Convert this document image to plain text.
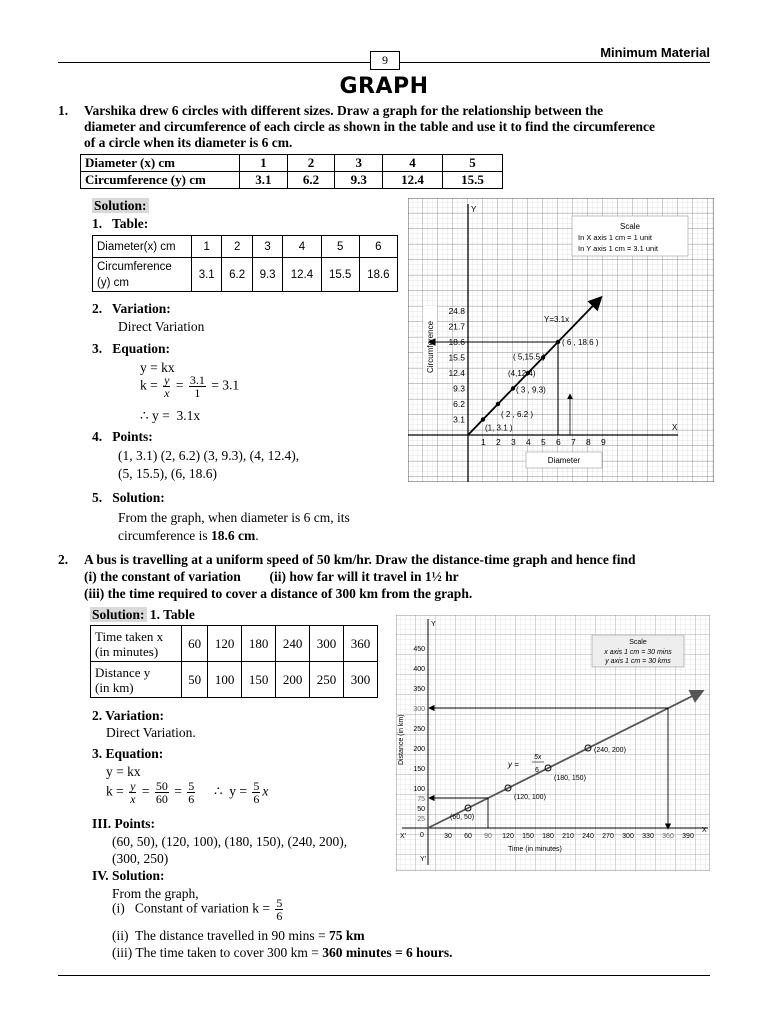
9	Minimum Material
GRAPH
1. Varshika drew 6 circles with different sizes. Draw a graph for the relationship between the
diameter and circumference of each circle as shown in the table and use it to find the circumference
of a circle when its diameter is 6 cm.
Diameter (x) cm	1	2	3	4	5
Circumference (y) cm	3.1	6.2	9.3	12.4	15.5
Solution:
1.   Table:
Diameter(x) cm	1	2	3	4	5	6

Circumference
(y) cm	3.1	6.2	9.3	12.4	15.5	18.6
2.   Variation:
Direct Variation
3.   Equation:
y = kx
$k = \frac{y}{x} = \frac{3.1}{1} = 3.1$
∴ y =  3.1x
4.   Points:
(1, 3.1) (2, 6.2) (3, 9.3), (4, 12.4),
(5, 15.5), (6, 18.6)
5.   Solution:
From the graph, when diameter is 6 cm, its
circumference is 18.6 cm.
Y
X
3.1
6.2
9.3
12.4
15.5
18.6
21.7
24.8
1 2 3 4 5 6 7 8 9
Scale
In X axis 1 cm = 1 unit
In Y axis 1 cm = 3.1 unit
Circumference
Diameter
Y=3.1x
(1, 3.1 )
( 2 , 6.2 )
( 3 , 9.3)
(4,12.4)
( 5,15.5 )
( 6 , 18.6 )
2. A bus is travelling at a uniform speed of 50 km/hr. Draw the distance-time graph and hence find
(i) the constant of variation (ii) how far will it travel in 1½ hr
(iii) the time required to cover a distance of 300 km from the graph.
Solution: 1. Table
Time taken x
(in minutes)	60	120	180	240	300	360

Distance y
(in km)	50	100	150	200	250	300
2. Variation:
Direct Variation.
3. Equation:
y = kx
$k = \frac{y}{x} = \frac{50}{60} = \frac{5}{6}$ ∴  $y = \frac{5}{6}$ x
III. Points:
(60, 50), (120, 100), (180, 150), (240, 200),
(300, 250)
IV. Solution:
From the graph,
(i)   Constant of variation $k = \frac{5}{6}$
(ii)  The distance travelled in 90 mins = 75 km
(iii) The time taken to cover 300 km = 360 minutes = 6 hours.
Y
X
X'
Y'
0
25
50
75
100
150
200
250
300
350
400
450
30 60 90 120 150 180 210 240 270 300 330 360 390
Scale
x axis 1 cm = 30 mins
y axis 1 cm = 30 kms
Distance (in km)
Time (in minutes)
y =
5x
6
(60, 50)
(120, 100)
(180, 150)
(240, 200)
